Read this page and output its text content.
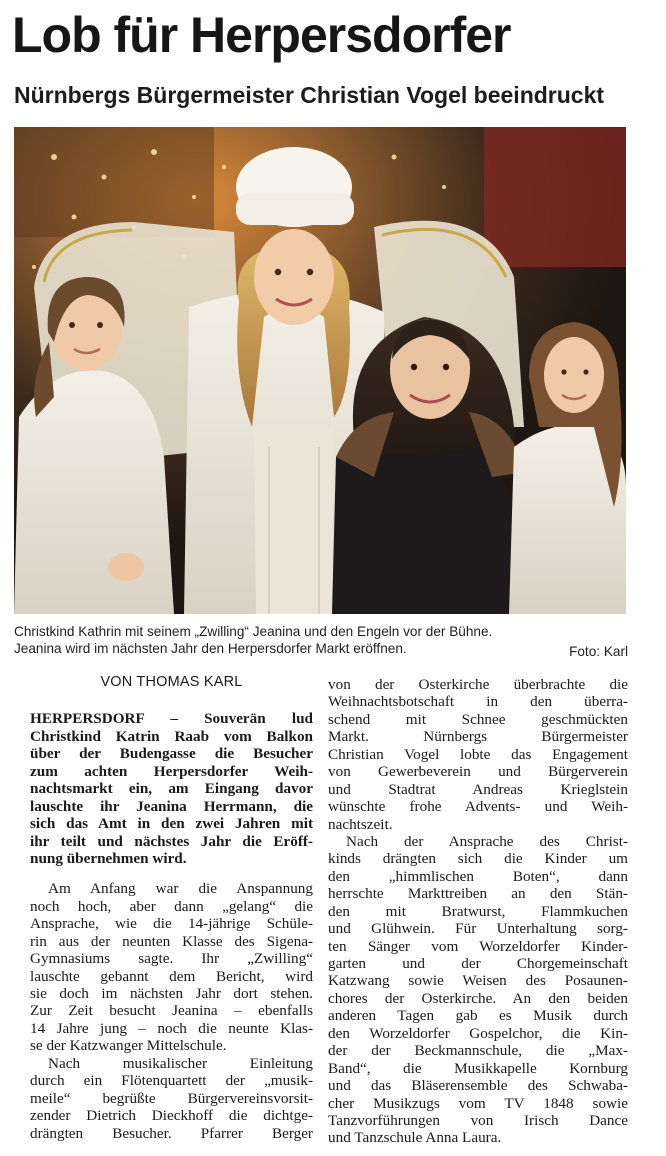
Lob für Herpersdorfer
Nürnbergs Bürgermeister Christian Vogel beeindruckt
Christkind Kathrin mit seinem „Zwilling“ Jeanina und den Engeln vor der Bühne.
Jeanina wird im nächsten Jahr den Herpersdorfer Markt eröffnen.	Foto: Karl
VON THOMAS KARL
HERPERSDORF – Souverän lud
Christkind Katrin Raab vom Balkon
über der Budengasse die Besucher
zum achten Herpersdorfer Weih-
nachtsmarkt ein, am Eingang davor
lauschte ihr Jeanina Herrmann, die
sich das Amt in den zwei Jahren mit
ihr teilt und nächstes Jahr die Eröff-
nung übernehmen wird.
Am Anfang war die Anspannung
noch hoch, aber dann „gelang“ die
Ansprache, wie die 14-jährige Schüle-
rin aus der neunten Klasse des Sigena-
Gymnasiums sagte. Ihr „Zwilling“
lauschte gebannt dem Bericht, wird
sie doch im nächsten Jahr dort stehen.
Zur Zeit besucht Jeanina – ebenfalls
14 Jahre jung – noch die neunte Klas-
se der Katzwanger Mittelschule.
Nach musikalischer Einleitung
durch ein Flötenquartett der „musik-
meile“ begrüßte Bürgervereinsvorsit-
zender Dietrich Dieckhoff die dichtge-
drängten Besucher. Pfarrer Berger
von der Osterkirche überbrachte die
Weihnachtsbotschaft in den überra-
schend mit Schnee geschmückten
Markt. Nürnbergs Bürgermeister
Christian Vogel lobte das Engagement
von Gewerbeverein und Bürgerverein
und Stadtrat Andreas Krieglstein
wünschte frohe Advents- und Weih-
nachtszeit.
Nach der Ansprache des Christ-
kinds drängten sich die Kinder um
den „himmlischen Boten“, dann
herrschte Markttreiben an den Stän-
den mit Bratwurst, Flammkuchen
und Glühwein. Für Unterhaltung sorg-
ten Sänger vom Worzeldorfer Kinder-
garten und der Chorgemeinschaft
Katzwang sowie Weisen des Posaunen-
chores der Osterkirche. An den beiden
anderen Tagen gab es Musik durch
den Worzeldorfer Gospelchor, die Kin-
der der Beckmannschule, die „Max-
Band“, die Musikkapelle Kornburg
und das Bläserensemble des Schwaba-
cher Musikzugs vom TV 1848 sowie
Tanzvorführungen von Irisch Dance
und Tanzschule Anna Laura.
